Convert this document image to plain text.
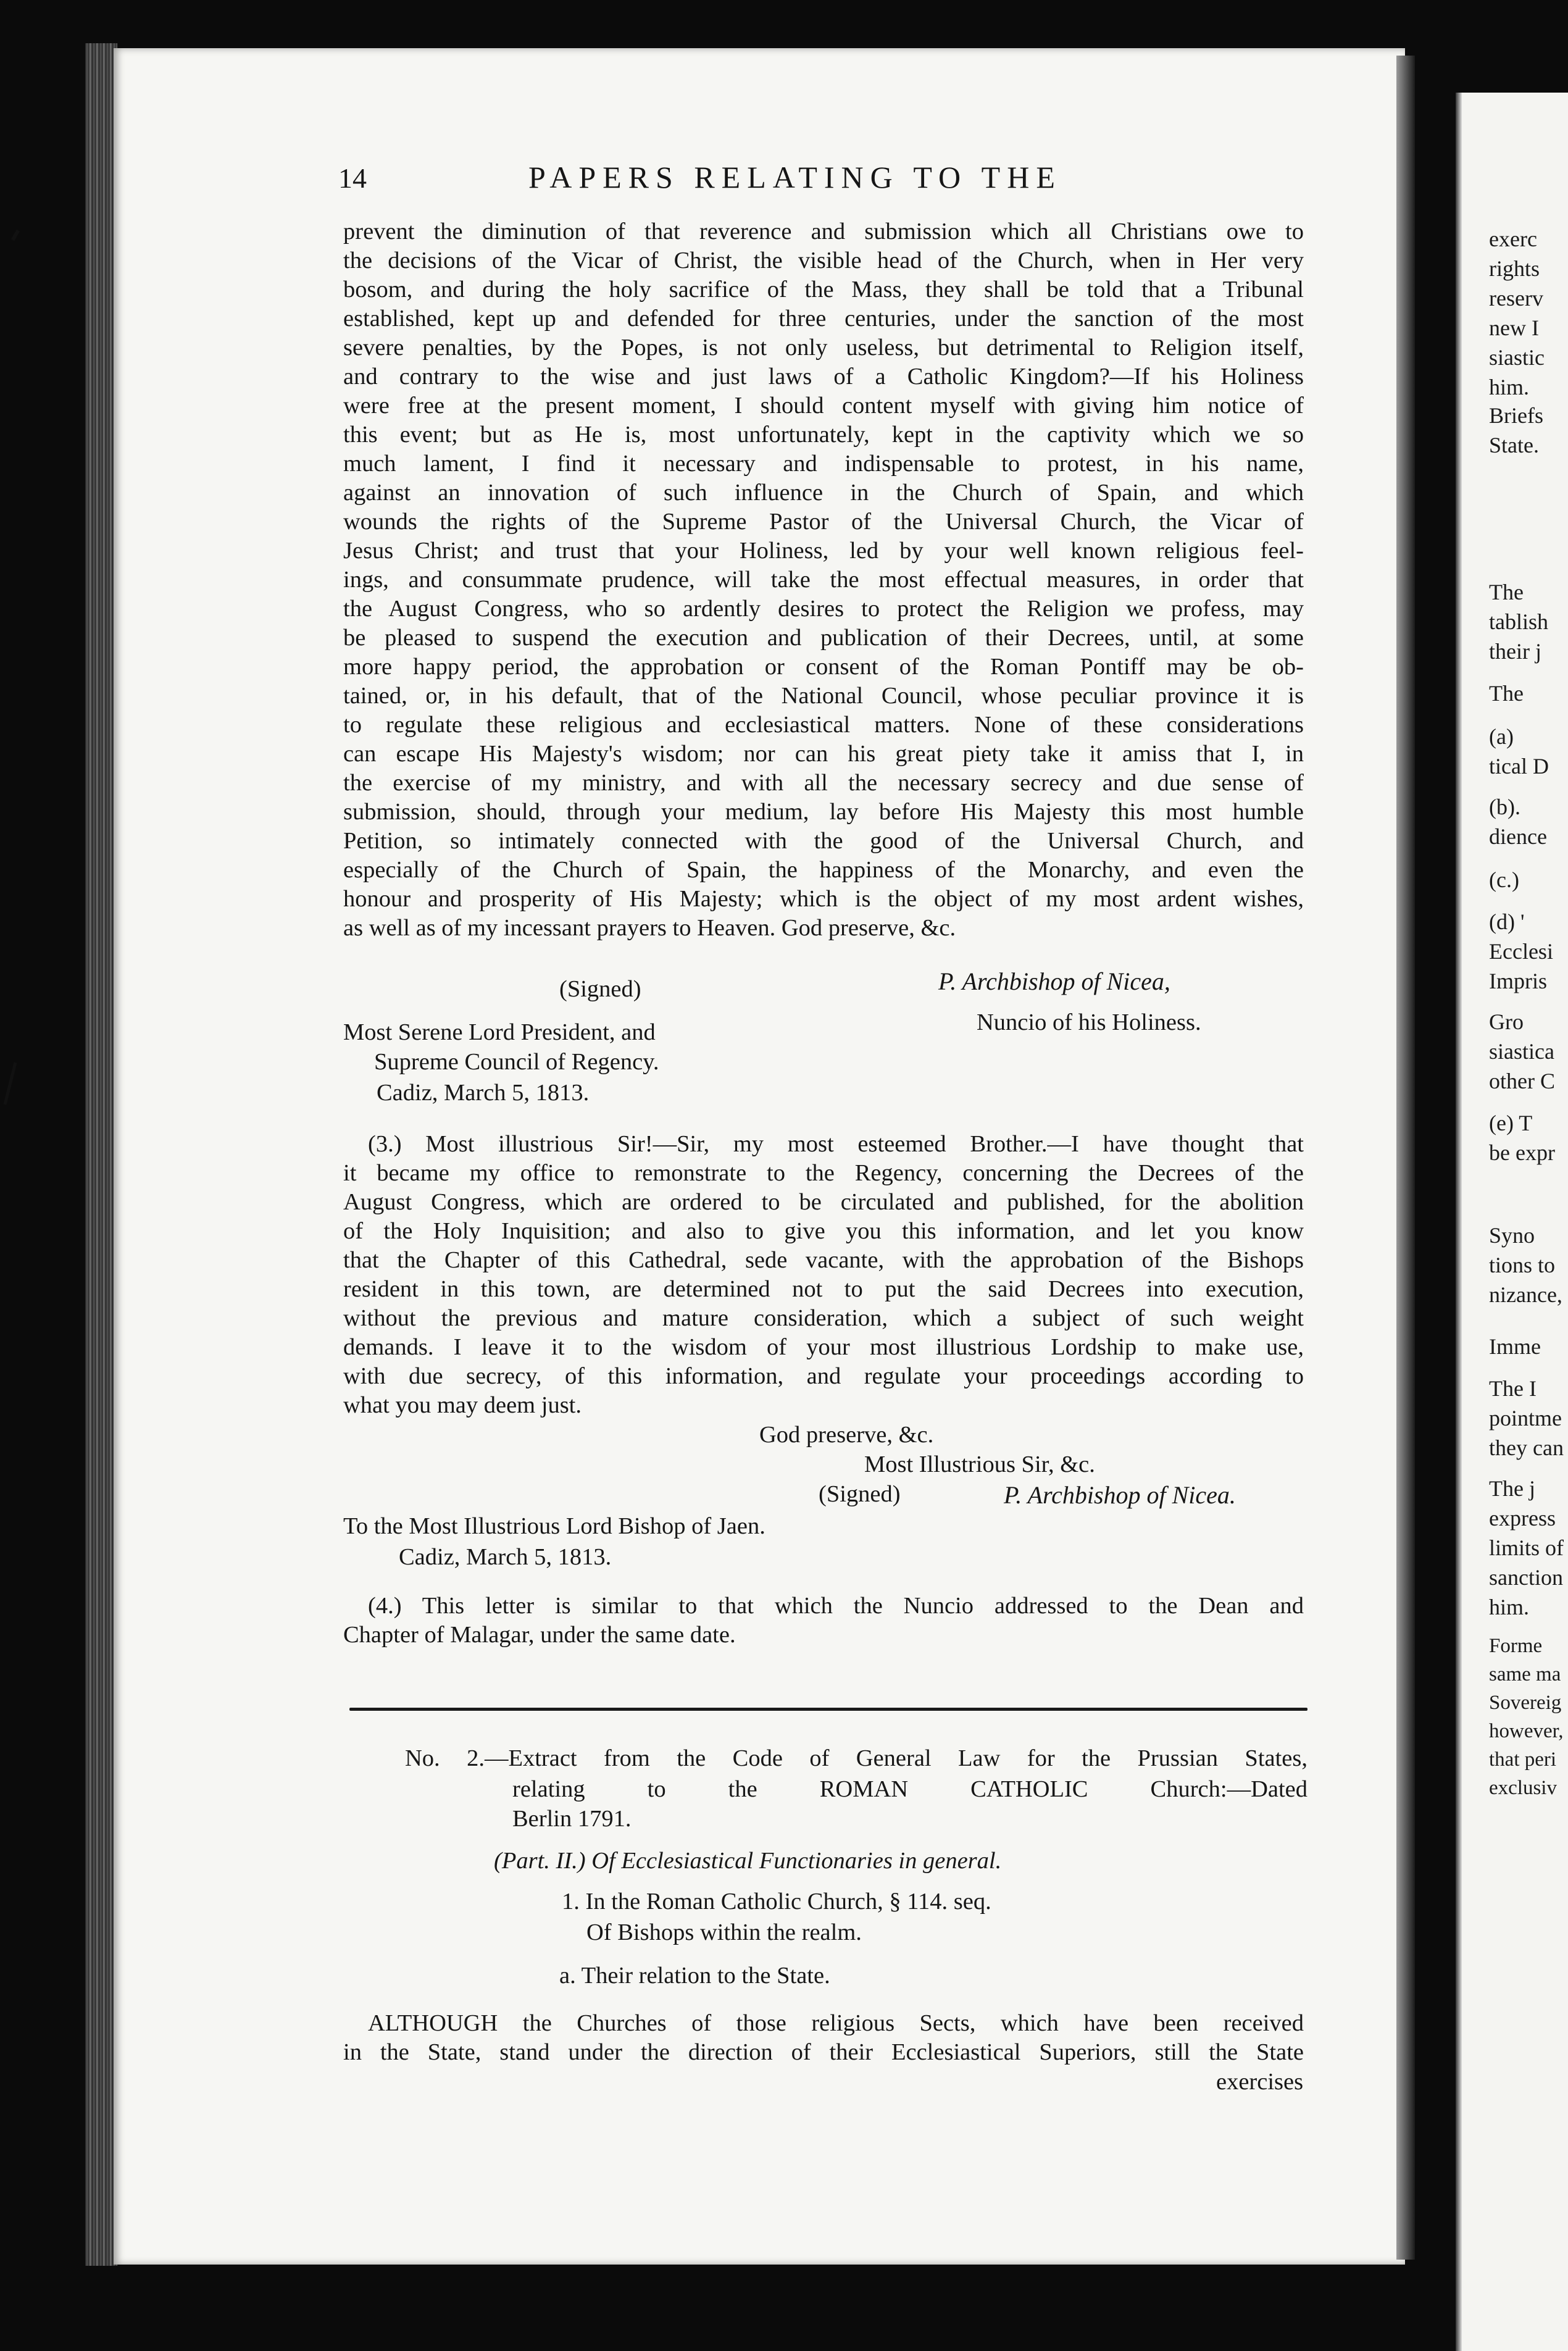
14	PAPERS RELATING TO THE
prevent the diminution of that reverence and submission which all Christians owe to
the decisions of the Vicar of Christ, the visible head of the Church, when in Her very
bosom, and during the holy sacrifice of the Mass, they shall be told that a Tribunal
established, kept up and defended for three centuries, under the sanction of the most
severe penalties, by the Popes, is not only useless, but detrimental to Religion itself,
and contrary to the wise and just laws of a Catholic Kingdom?—If his Holiness
were free at the present moment, I should content myself with giving him notice of
this event; but as He is, most unfortunately, kept in the captivity which we so
much lament, I find it necessary and indispensable to protest, in his name,
against an innovation of such influence in the Church of Spain, and which
wounds the rights of the Supreme Pastor of the Universal Church, the Vicar of
Jesus Christ; and trust that your Holiness, led by your well known religious feel-
ings, and consummate prudence, will take the most effectual measures, in order that
the August Congress, who so ardently desires to protect the Religion we profess, may
be pleased to suspend the execution and publication of their Decrees, until, at some
more happy period, the approbation or consent of the Roman Pontiff may be ob-
tained, or, in his default, that of the National Council, whose peculiar province it is
to regulate these religious and ecclesiastical matters. None of these considerations
can escape His Majesty's wisdom; nor can his great piety take it amiss that I, in
the exercise of my ministry, and with all the necessary secrecy and due sense of
submission, should, through your medium, lay before His Majesty this most humble
Petition, so intimately connected with the good of the Universal Church, and
especially of the Church of Spain, the happiness of the Monarchy, and even the
honour and prosperity of His Majesty; which is the object of my most ardent wishes,
as well as of my incessant prayers to Heaven. God preserve, &c.
(Signed)	P. Archbishop of Nicea,
Nuncio of his Holiness.
Most Serene Lord President, and
Supreme Council of Regency.
Cadiz, March 5, 1813.
(3.) Most illustrious Sir!—Sir, my most esteemed Brother.—I have thought that
it became my office to remonstrate to the Regency, concerning the Decrees of the
August Congress, which are ordered to be circulated and published, for the abolition
of the Holy Inquisition; and also to give you this information, and let you know
that the Chapter of this Cathedral, sede vacante, with the approbation of the Bishops
resident in this town, are determined not to put the said Decrees into execution,
without the previous and mature consideration, which a subject of such weight
demands. I leave it to the wisdom of your most illustrious Lordship to make use,
with due secrecy, of this information, and regulate your proceedings according to
what you may deem just.
God preserve, &c.
Most Illustrious Sir, &c.
(Signed)	P. Archbishop of Nicea.
To the Most Illustrious Lord Bishop of Jaen.
Cadiz, March 5, 1813.
(4.) This letter is similar to that which the Nuncio addressed to the Dean and
Chapter of Malagar, under the same date.
No. 2.—Extract from the Code of General Law for the Prussian States,
relating to the ROMAN CATHOLIC Church:—Dated
Berlin 1791.
(Part. II.) Of Ecclesiastical Functionaries in general.
1. In the Roman Catholic Church, § 114. seq.
Of Bishops within the realm.
a. Their relation to the State.
ALTHOUGH the Churches of those religious Sects, which have been received
in the State, stand under the direction of their Ecclesiastical Superiors, still the State
exercises
exerc
rights
reserv
new I
siastic
him.
Briefs
State.
The
tablish
their j
The
(a)
tical D
(b).
dience
(c.)
(d) '
Ecclesi
Impris
Gro
siastica
other C
(e) T
be expr
Syno
tions to
nizance,
Imme
The I
pointme
they can
The j
express
limits of
sanction
him.
Forme
same ma
Sovereig
however,
that peri
exclusiv
